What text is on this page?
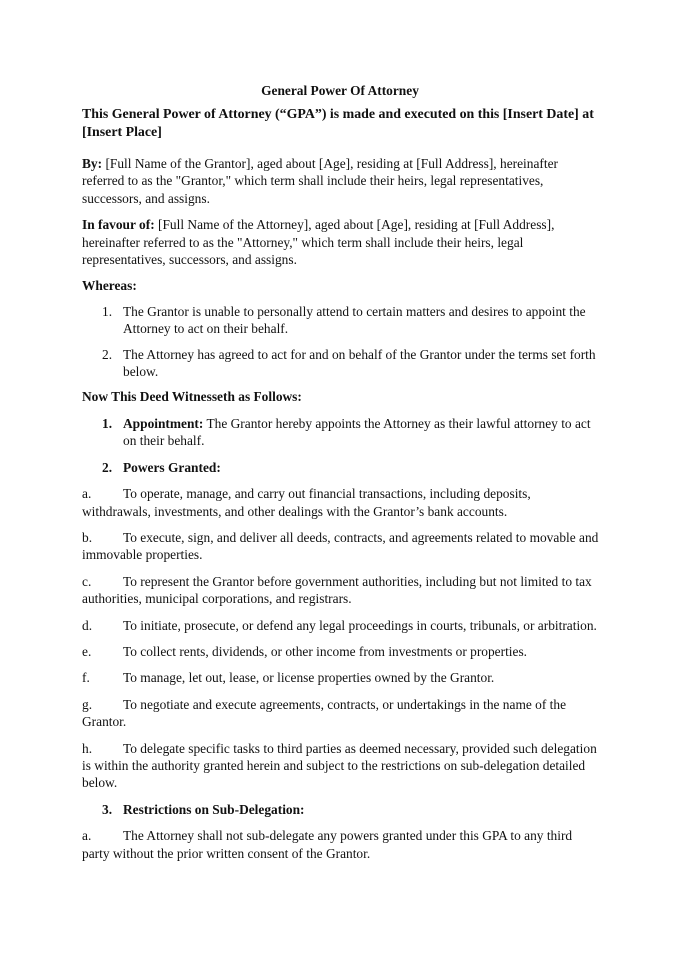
General Power Of Attorney

This General Power of Attorney (“GPA”) is made and executed on this [Insert Date] at [Insert Place]

By: [Full Name of the Grantor], aged about [Age], residing at [Full Address], hereinafter referred to as the "Grantor," which term shall include their heirs, legal representatives, successors, and assigns.

In favour of: [Full Name of the Attorney], aged about [Age], residing at [Full Address], hereinafter referred to as the "Attorney," which term shall include their heirs, legal representatives, successors, and assigns.

Whereas:

1. The Grantor is unable to personally attend to certain matters and desires to appoint the Attorney to act on their behalf.
2. The Attorney has agreed to act for and on behalf of the Grantor under the terms set forth below.

Now This Deed Witnesseth as Follows:

1. Appointment: The Grantor hereby appoints the Attorney as their lawful attorney to act on their behalf.
2. Powers Granted:
a. To operate, manage, and carry out financial transactions, including deposits, withdrawals, investments, and other dealings with the Grantor’s bank accounts.
b. To execute, sign, and deliver all deeds, contracts, and agreements related to movable and immovable properties.
c. To represent the Grantor before government authorities, including but not limited to tax authorities, municipal corporations, and registrars.
d. To initiate, prosecute, or defend any legal proceedings in courts, tribunals, or arbitration.
e. To collect rents, dividends, or other income from investments or properties.
f. To manage, let out, lease, or license properties owned by the Grantor.
g. To negotiate and execute agreements, contracts, or undertakings in the name of the Grantor.
h. To delegate specific tasks to third parties as deemed necessary, provided such delegation is within the authority granted herein and subject to the restrictions on sub-delegation detailed below.
3. Restrictions on Sub-Delegation:
a. The Attorney shall not sub-delegate any powers granted under this GPA to any third party without the prior written consent of the Grantor.
